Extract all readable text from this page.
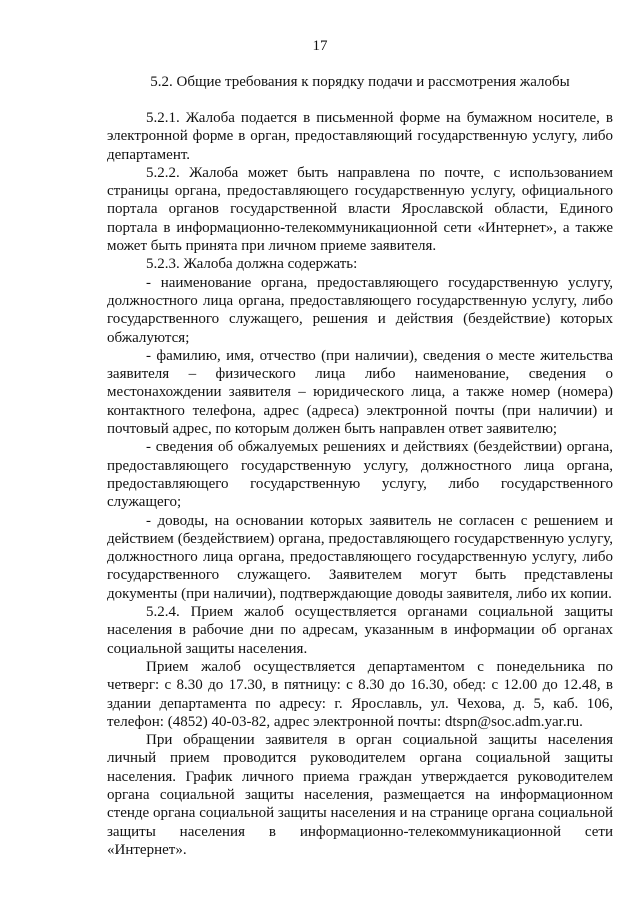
17
5.2. Общие требования к порядку подачи и рассмотрения жалобы

5.2.1. Жалоба подается в письменной форме на бумажном носителе, в электронной форме в орган, предоставляющий государственную услугу, либо департамент.

5.2.2. Жалоба может быть направлена по почте, с использованием страницы органа, предоставляющего государственную услугу, официального портала органов государственной власти Ярославской области, Единого портала в информационно-телекоммуникационной сети «Интернет», а также может быть принята при личном приеме заявителя.

5.2.3. Жалоба должна содержать:

- наименование органа, предоставляющего государственную услугу, должностного лица органа, предоставляющего государственную услугу, либо государственного служащего, решения и действия (бездействие) которых обжалуются;

- фамилию, имя, отчество (при наличии), сведения о месте жительства заявителя – физического лица либо наименование, сведения о местонахождении заявителя – юридического лица, а также номер (номера) контактного телефона, адрес (адреса) электронной почты (при наличии) и почтовый адрес, по которым должен быть направлен ответ заявителю;

- сведения об обжалуемых решениях и действиях (бездействии) органа, предоставляющего государственную услугу, должностного лица органа, предоставляющего государственную услугу, либо государственного служащего;

- доводы, на основании которых заявитель не согласен с решением и действием (бездействием) органа, предоставляющего государственную услугу, должностного лица органа, предоставляющего государственную услугу, либо государственного служащего. Заявителем могут быть представлены документы (при наличии), подтверждающие доводы заявителя, либо их копии.

5.2.4. Прием жалоб осуществляется органами социальной защиты населения в рабочие дни по адресам, указанным в информации об органах социальной защиты населения.

Прием жалоб осуществляется департаментом с понедельника по четверг: с 8.30 до 17.30, в пятницу: с 8.30 до 16.30, обед: с 12.00 до 12.48, в здании департамента по адресу: г. Ярославль, ул. Чехова, д. 5, каб. 106, телефон: (4852) 40-03-82, адрес электронной почты: dtspn@soc.adm.yar.ru.

При обращении заявителя в орган социальной защиты населения личный прием проводится руководителем органа социальной защиты населения. График личного приема граждан утверждается руководителем органа социальной защиты населения, размещается на информационном стенде органа социальной защиты населения и на странице органа социальной защиты населения в информационно-телекоммуникационной сети «Интернет».
